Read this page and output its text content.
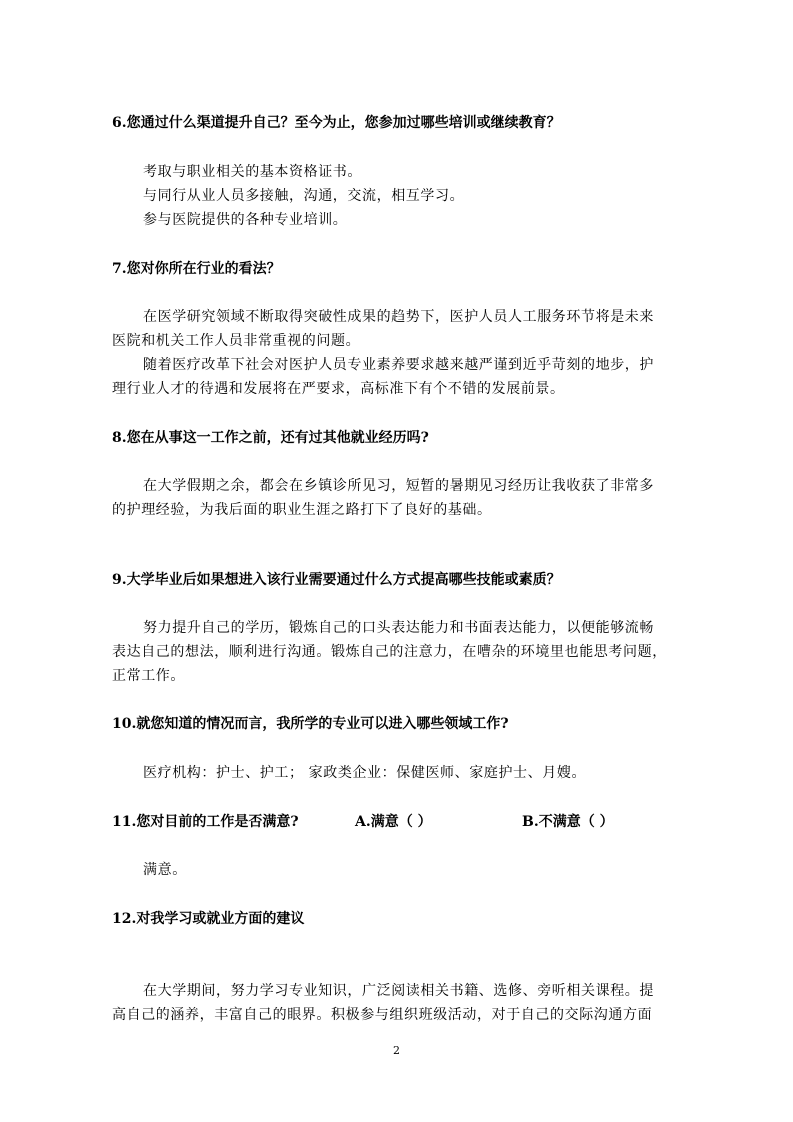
6.您通过什么渠道提升自己？至今为止，您参加过哪些培训或继续教育？
考取与职业相关的基本资格证书。
与同行从业人员多接触，沟通，交流，相互学习。
参与医院提供的各种专业培训。
7.您对你所在行业的看法？
在医学研究领域不断取得突破性成果的趋势下，医护人员人工服务环节将是未来
医院和机关工作人员非常重视的问题。
随着医疗改革下社会对医护人员专业素养要求越来越严谨到近乎苛刻的地步，护
理行业人才的待遇和发展将在严要求，高标准下有个不错的发展前景。
8.您在从事这一工作之前，还有过其他就业经历吗?
在大学假期之余，都会在乡镇诊所见习，短暂的暑期见习经历让我收获了非常多
的护理经验，为我后面的职业生涯之路打下了良好的基础。
9.大学毕业后如果想进入该行业需要通过什么方式提高哪些技能或素质？
努力提升自己的学历，锻炼自己的口头表达能力和书面表达能力，以便能够流畅
表达自己的想法，顺利进行沟通。锻炼自己的注意力，在嘈杂的环境里也能思考问题，
正常工作。
10.就您知道的情况而言，我所学的专业可以进入哪些领域工作?
医疗机构：护士、护工； 家政类企业：保健医师、家庭护士、月嫂。
11.您对目前的工作是否满意?	A.满意（ ）	B.不满意（ ）
满意。
12.对我学习或就业方面的建议
在大学期间，努力学习专业知识，广泛阅读相关书籍、选修、旁听相关课程。提
高自己的涵养，丰富自己的眼界。积极参与组织班级活动，对于自己的交际沟通方面
2
